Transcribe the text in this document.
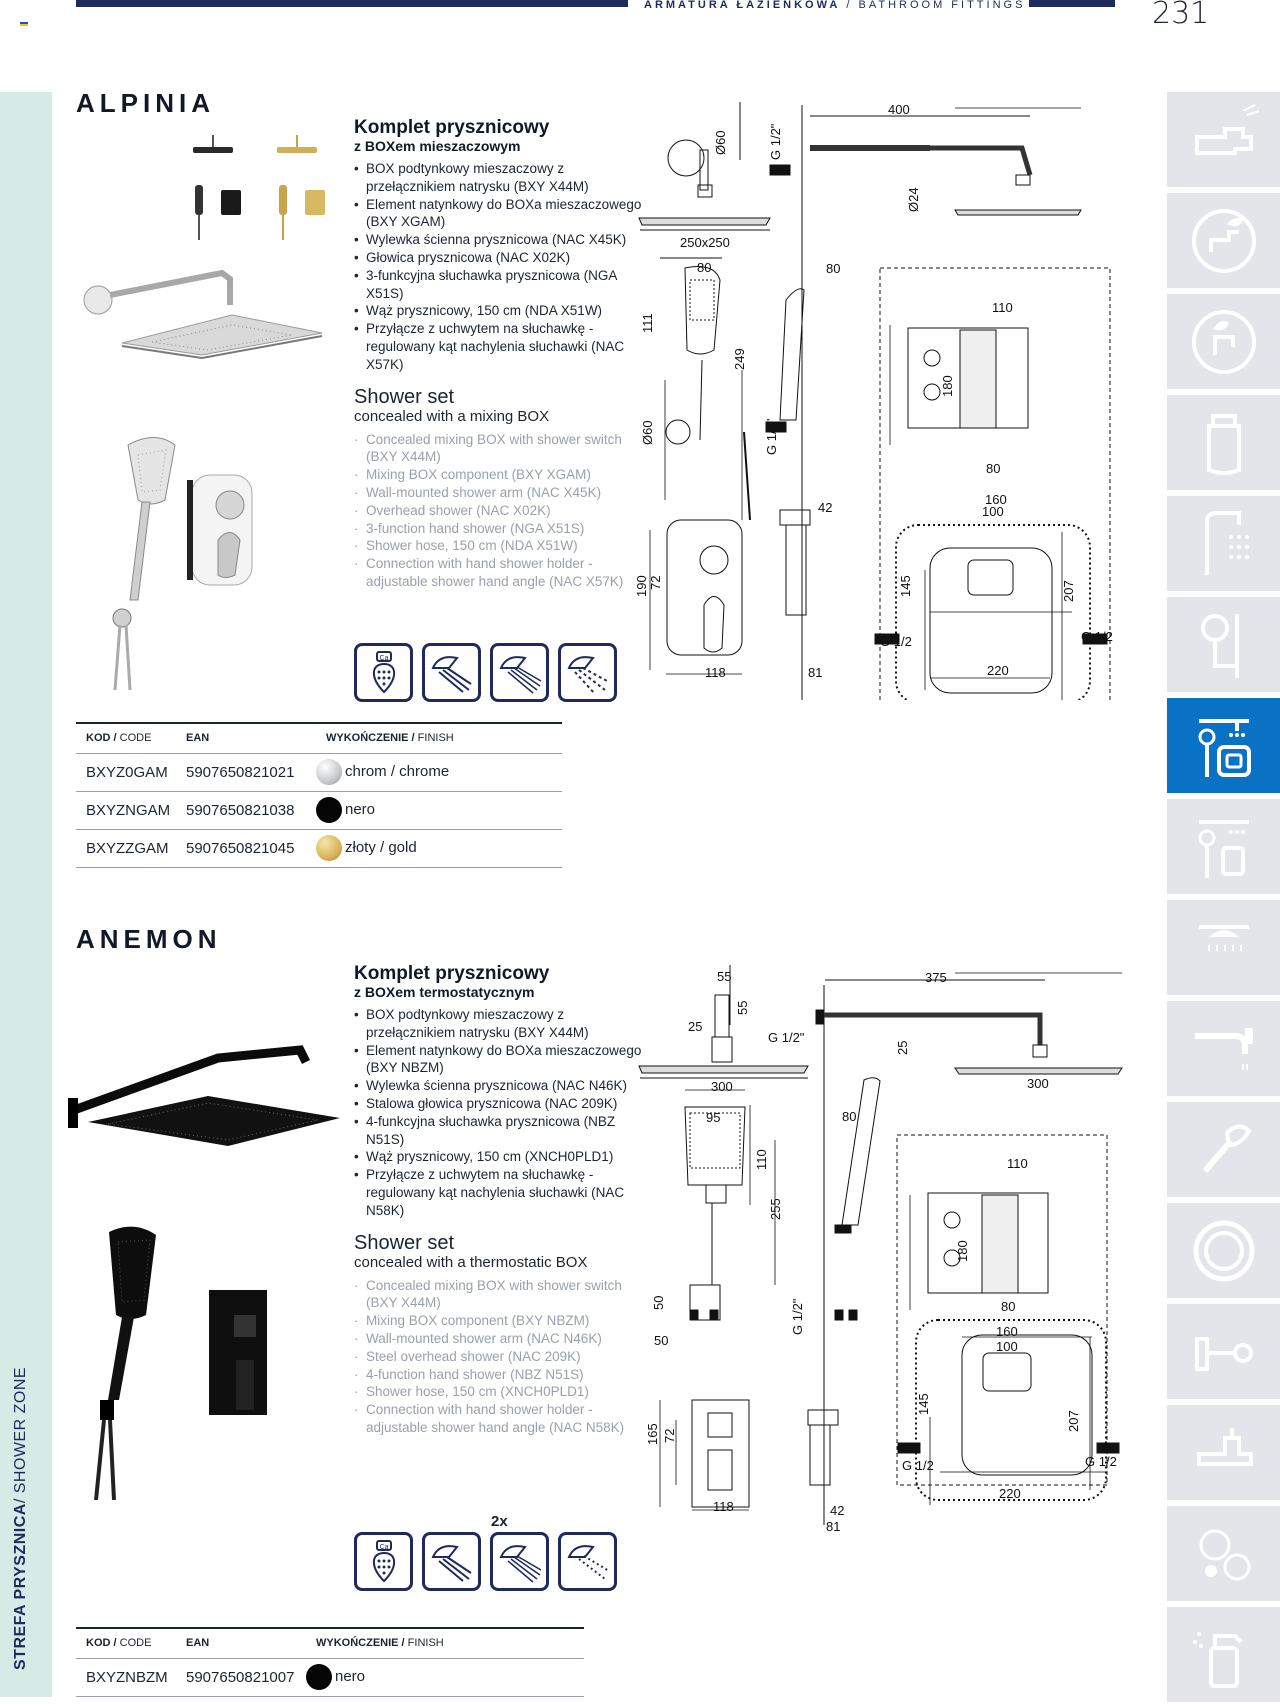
ARMATURA ŁAZIENKOWA / BATHROOM FITTINGS	231
STREFA PRYSZNICA/ SHOWER ZONE
ALPINIA
Komplet prysznicowy
z BOXem mieszaczowym
• BOX podtynkowy mieszaczowy z przełącznikiem natrysku (BXY X44M)
• Element natynkowy do BOXa mieszaczowego (BXY XGAM)
• Wylewka ścienna prysznicowa (NAC X45K)
• Głowica prysznicowa (NAC X02K)
• 3-funkcyjna słuchawka prysznicowa (NGA X51S)
• Wąż prysznicowy, 150 cm (NDA X51W)
• Przyłącze z uchwytem na słuchawkę - regulowany kąt nachylenia słuchawki (NAC X57K)
Shower set
concealed with a mixing BOX
· Concealed mixing BOX with shower switch (BXY X44M)
· Mixing BOX component (BXY XGAM)
· Wall-mounted shower arm (NAC X45K)
· Overhead shower (NAC X02K)
· 3-function hand shower (NGA X51S)
· Shower hose, 150 cm (NDA X51W)
· Connection with hand shower holder - adjustable shower hand angle (NAC X57K)
Ca
400
Ø60	G 1/2"
Ø24
250x250
80	80
111
249
Ø60	G 1/2"
110
180
80
42
160
100
190 72	145	207
G 1/2	G 1/2
220
118	81
KOD / CODE	EAN	WYKOŃCZENIE / FINISH
BXYZ0GAM	5907650821021	chrom / chrome
BXYZNGAM	5907650821038	nero
BXYZZGAM	5907650821045	złoty / gold
ANEMON
Komplet prysznicowy
z BOXem termostatycznym
• BOX podtynkowy mieszaczowy z przełącznikiem natrysku (BXY X44M)
• Element natynkowy do BOXa mieszaczowego (BXY NBZM)
• Wylewka ścienna prysznicowa (NAC N46K)
• Stalowa głowica prysznicowa (NAC 209K)
• 4-funkcyjna słuchawka prysznicowa (NBZ N51S)
• Wąż prysznicowy, 150 cm (XNCH0PLD1)
• Przyłącze z uchwytem na słuchawkę - regulowany kąt nachylenia słuchawki (NAC N58K)
Shower set
concealed with a thermostatic BOX
· Concealed mixing BOX with shower switch (BXY X44M)
· Mixing BOX component (BXY NBZM)
· Wall-mounted shower arm (NAC N46K)
· Steel overhead shower (NAC 209K)
· 4-function hand shower (NBZ N51S)
· Shower hose, 150 cm (XNCH0PLD1)
· Connection with hand shower holder - adjustable shower hand angle (NAC N58K)
2x
Ca
55
55
25
G 1/2"
375
25
300	300
95	80
110
255
110
180
80
50
50
G 1/2"	160
100
165 72
145
207
G 1/2	G 1/2
220
118	42
81
KOD / CODE	EAN	WYKOŃCZENIE / FINISH
BXYZNBZM	5907650821007	nero
